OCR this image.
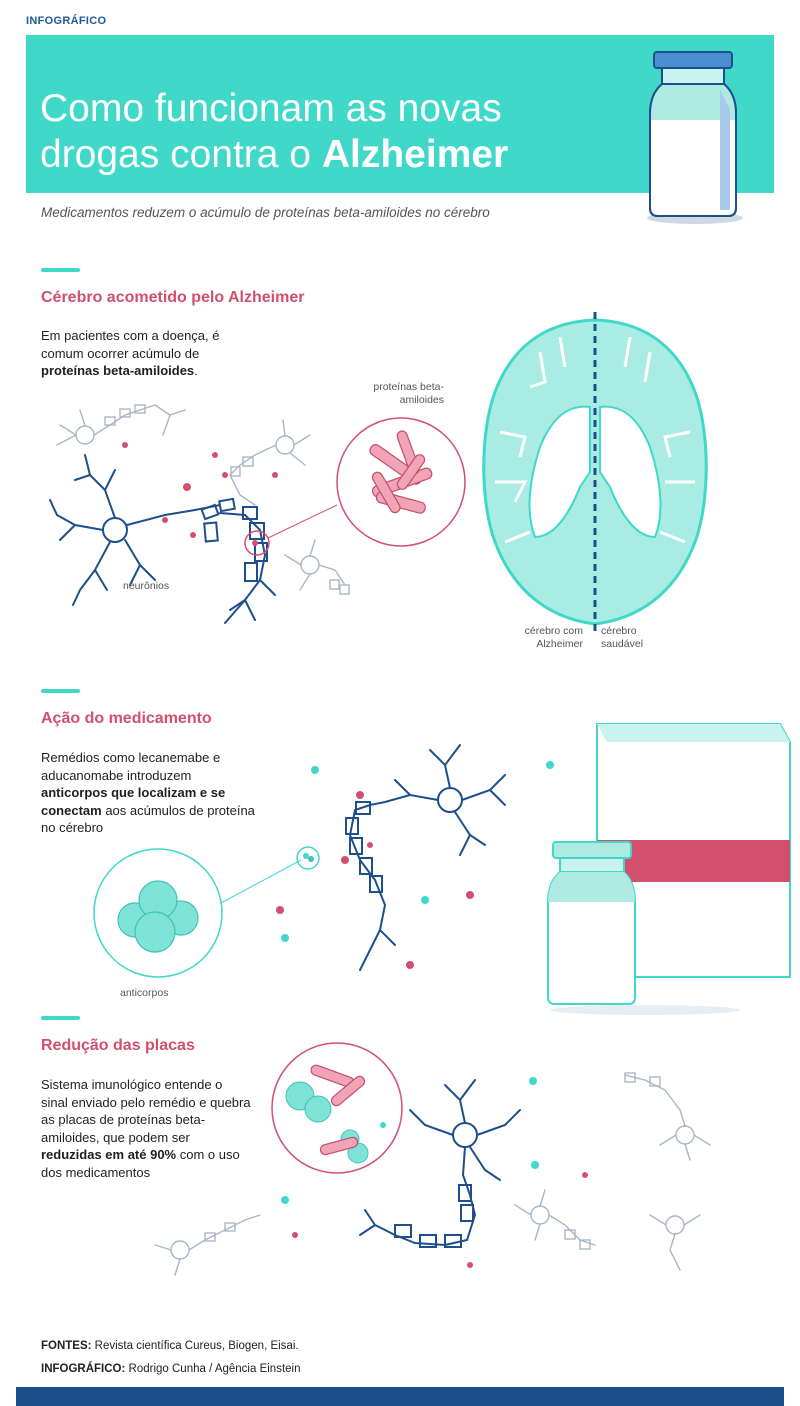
INFOGRÁFICO
Como funcionam as novas
drogas contra o Alzheimer
Medicamentos reduzem o acúmulo de proteínas beta-amiloides no cérebro
Cérebro acometido pelo Alzheimer
Em pacientes com a doença, é comum ocorrer acúmulo de proteínas beta-amiloides.
proteínas beta-amiloides
neurônios
cérebro com Alzheimer
cérebro saudável
Ação do medicamento
Remédios como lecanemabe e aducanomabe introduzem anticorpos que localizam e se conectam aos acúmulos de proteína no cérebro
anticorpos
Redução das placas
Sistema imunológico entende o sinal enviado pelo remédio e quebra as placas de proteínas beta-amiloides, que podem ser reduzidas em até 90% com o uso dos medicamentos
FONTES: Revista científica Cureus, Biogen, Eisai.
INFOGRÁFICO: Rodrigo Cunha / Agência Einstein
